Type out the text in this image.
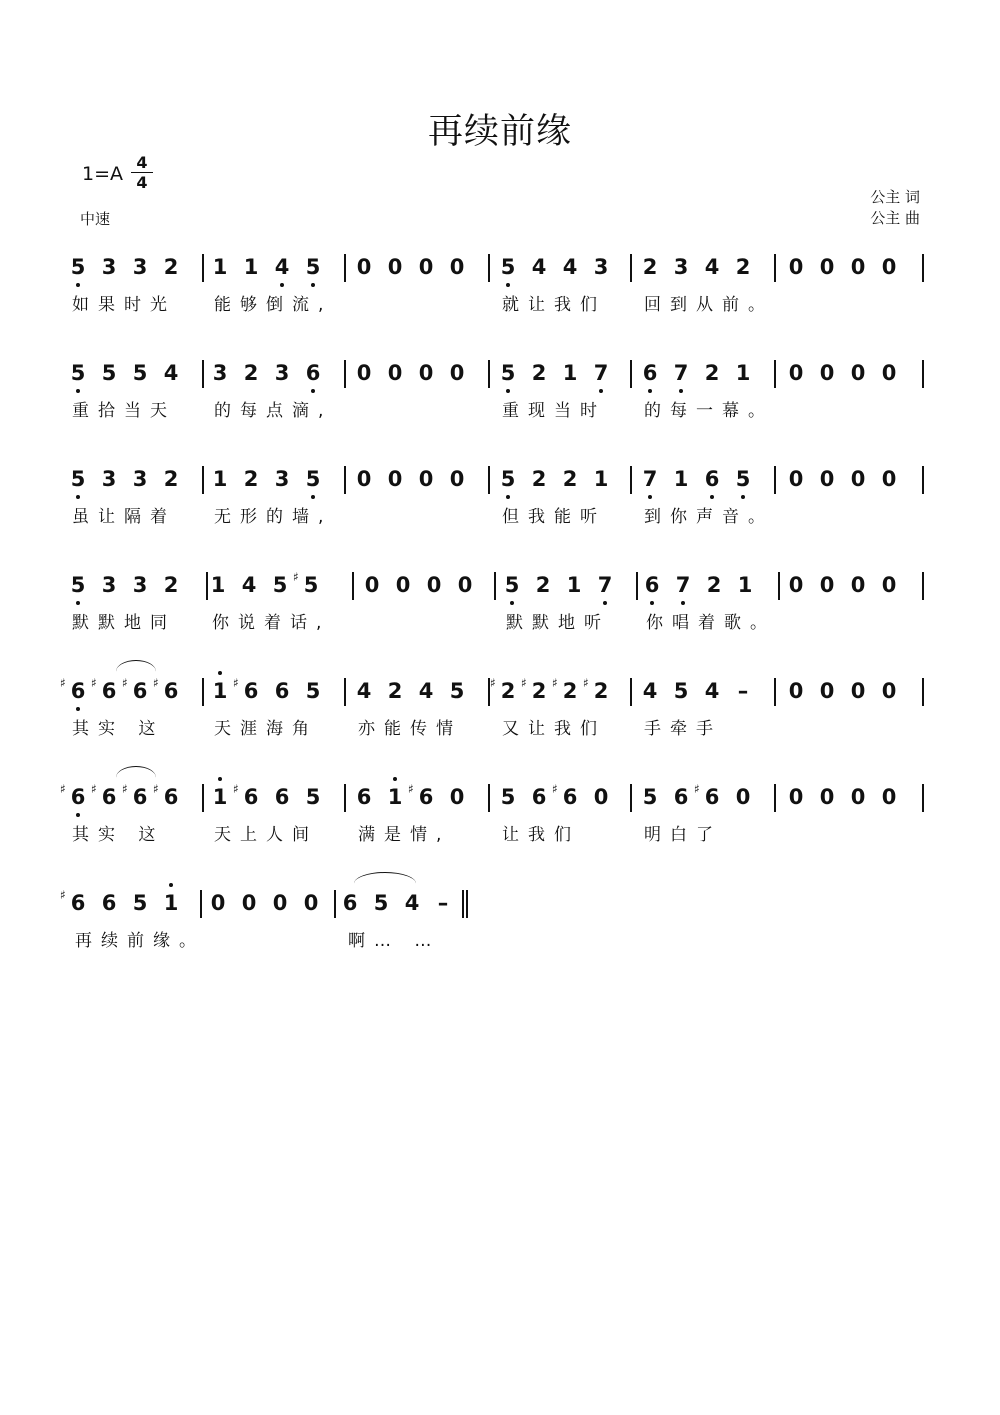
再续前缘
1=A
4
4
中速
公主 词
公主 曲
5 3 3 2 1 1 4 5 0 0 0 0 5 4 4 3 2 3 4 2 0 0 0 0
如果时光 能够倒流,	就让我们 回到从前。
5 5 5 4 3 2 3 6 0 0 0 0 5 2 1 7 6 7 2 1 0 0 0 0
重拾当天 的每点滴,	重现当时 的每一幕。
5 3 3 2 1 2 3 5 0 0 0 0 5 2 2 1 7 1 6 5 0 0 0 0
虽让隔着 无形的墙,	但我能听 到你声音。
5 3 3 2 1 4 5 5
♯	0 0 0 0 5 2 1 7 6 7 2 1 0 0 0 0
默默地同 你说着话,	默默地听 你唱着歌。
6
♯ 6
♯ 6
♯ 6
♯	1 6
♯ 6 5 4 2 4 5 2
♯ 2
♯ 2
♯ 2
♯	4 5 4 – 0 0 0 0
其实 这	天涯海角 亦能传情 又让我们 手牵手
6
♯ 6
♯ 6
♯ 6
♯	1 6
♯ 6 5 6 1 6
♯ 0 5 6 6
♯ 0 5 6 6
♯ 0 0 0 0 0
其实 这	天上人间 满是情,	让我们	明白了
6
♯ 6 5 1 0 0 0 0 6 5 4 –
再续前缘。	啊… …
